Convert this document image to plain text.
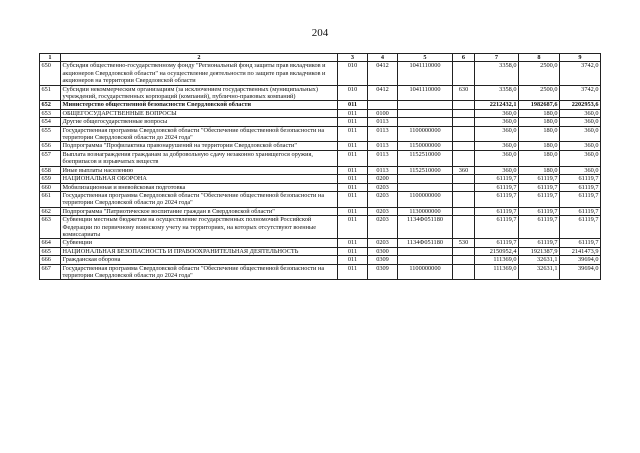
204
1	2	3	4	5	6	7	8	9
650	Субсидия общественно-государственному фонду "Региональный фонд защиты прав вкладчиков и акционеров Свердловской области" на осуществление деятельности по защите прав вкладчиков и акционеров на территории Свердловской области	010	0412	1041110000		3358,0	2500,0	3742,0
651	Субсидии некоммерческим организациям (за исключением государственных (муниципальных) учреждений, государственных корпораций (компаний), публично-правовых компаний)	010	0412	1041110000	630	3358,0	2500,0	3742,0
652	Министерство общественной безопасности Свердловской области	011				2212432,1	1982687,6	2202953,6
653	ОБЩЕГОСУДАРСТВЕННЫЕ ВОПРОСЫ	011	0100			360,0	180,0	360,0
654	Другие общегосударственные вопросы	011	0113			360,0	180,0	360,0
655	Государственная программа Свердловской области "Обеспечение общественной безопасности на территории Свердловской области до 2024 года"	011	0113	1100000000		360,0	180,0	360,0
656	Подпрограмма "Профилактика правонарушений на территории Свердловской области"	011	0113	1150000000		360,0	180,0	360,0
657	Выплата вознаграждения гражданам за добровольную сдачу незаконно хранящегося оружия, боеприпасов и взрывчатых веществ	011	0113	1152510000		360,0	180,0	360,0
658	Иные выплаты населению	011	0113	1152510000	360	360,0	180,0	360,0
659	НАЦИОНАЛЬНАЯ ОБОРОНА	011	0200			61119,7	61119,7	61119,7
660	Мобилизационная и вневойсковая подготовка	011	0203			61119,7	61119,7	61119,7
661	Государственная программа Свердловской области "Обеспечение общественной безопасности на территории Свердловской области до 2024 года"	011	0203	1100000000		61119,7	61119,7	61119,7
662	Подпрограмма "Патриотическое воспитание граждан в Свердловской области"	011	0203	1130000000		61119,7	61119,7	61119,7
663	Субвенции местным бюджетам на осуществление государственных полномочий Российской Федерации по первичному воинскому учету на территориях, на которых отсутствуют военные комиссариаты	011	0203	1134Ф051180		61119,7	61119,7	61119,7
664	Субвенции	011	0203	1134Ф051180	530	61119,7	61119,7	61119,7
665	НАЦИОНАЛЬНАЯ БЕЗОПАСНОСТЬ И ПРАВООХРАНИТЕЛЬНАЯ ДЕЯТЕЛЬНОСТЬ	011	0300			2150952,4	1921387,9	2141473,9
666	Гражданская оборона	011	0309			111369,0	32631,1	39694,0
667	Государственная программа Свердловской области "Обеспечение общественной безопасности на территории Свердловской области до 2024 года"	011	0309	1100000000		111369,0	32631,1	39694,0
